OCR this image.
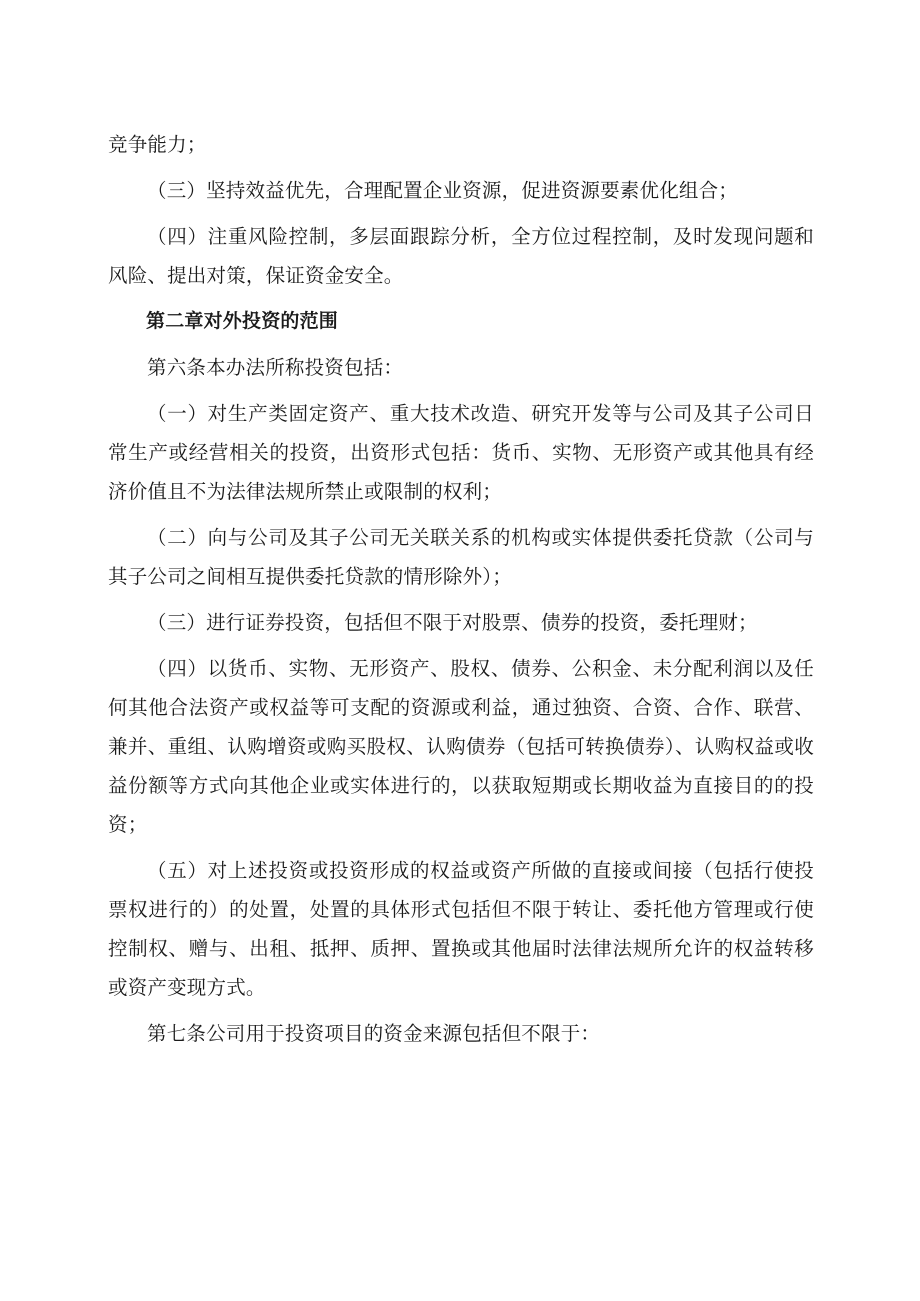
竞争能力；

（三）坚持效益优先，合理配置企业资源，促进资源要素优化组合；

（四）注重风险控制，多层面跟踪分析，全方位过程控制，及时发现问题和风险、提出对策，保证资金安全。

第二章对外投资的范围

第六条本办法所称投资包括：

（一）对生产类固定资产、重大技术改造、研究开发等与公司及其子公司日常生产或经营相关的投资，出资形式包括：货币、实物、无形资产或其他具有经济价值且不为法律法规所禁止或限制的权利；

（二）向与公司及其子公司无关联关系的机构或实体提供委托贷款（公司与其子公司之间相互提供委托贷款的情形除外）；

（三）进行证券投资，包括但不限于对股票、债券的投资，委托理财；

（四）以货币、实物、无形资产、股权、债券、公积金、未分配利润以及任何其他合法资产或权益等可支配的资源或利益，通过独资、合资、合作、联营、兼并、重组、认购增资或购买股权、认购债券（包括可转换债券）、认购权益或收益份额等方式向其他企业或实体进行的，以获取短期或长期收益为直接目的的投资；

（五）对上述投资或投资形成的权益或资产所做的直接或间接（包括行使投票权进行的）的处置，处置的具体形式包括但不限于转让、委托他方管理或行使控制权、赠与、出租、抵押、质押、置换或其他届时法律法规所允许的权益转移或资产变现方式。

第七条公司用于投资项目的资金来源包括但不限于：
